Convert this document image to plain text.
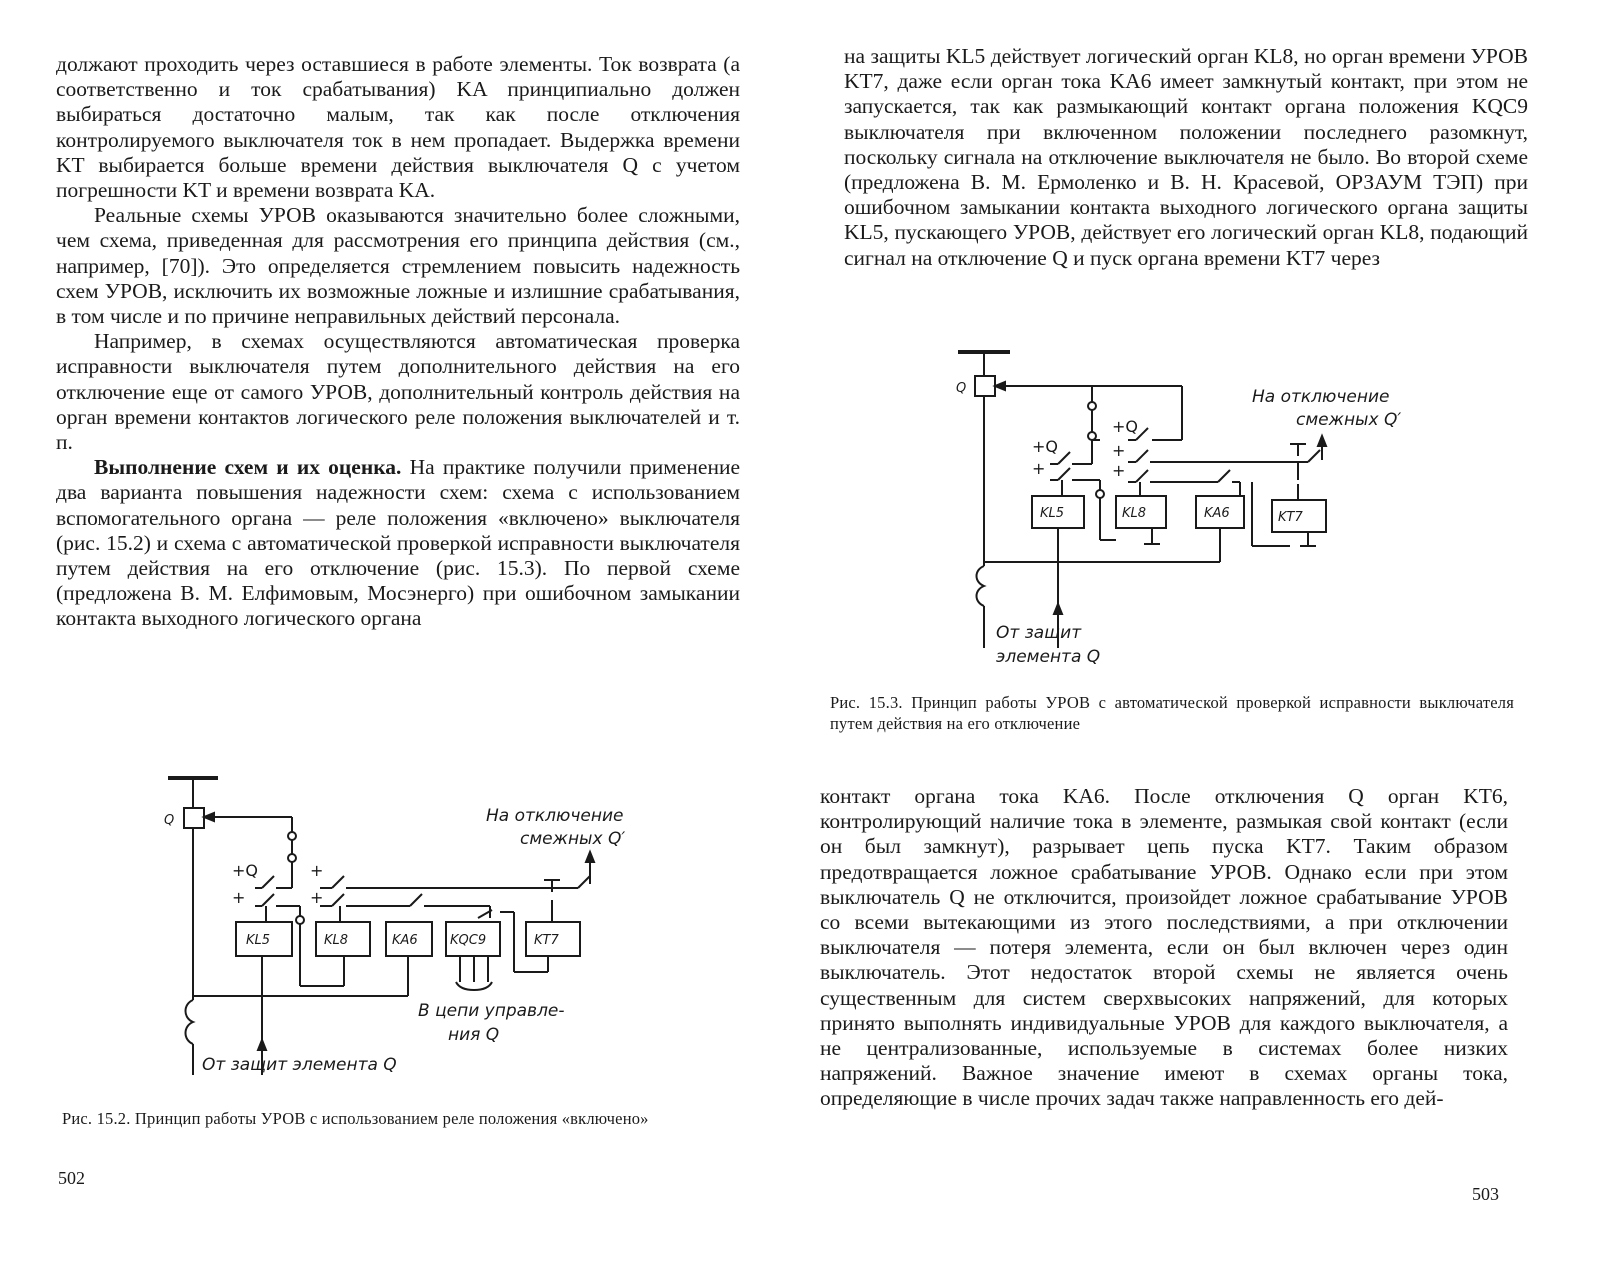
должают проходить через оставшиеся в работе элементы. Ток возврата (а соответственно и ток срабатывания) KA принципиально должен выбираться достаточно малым, так как после отключения контролируемого выключателя ток в нем пропадает. Выдержка времени KT выбирается больше времени действия выключателя Q с учетом погрешности KT и времени возврата KA.

Реальные схемы УРОВ оказываются значительно более сложными, чем схема, приведенная для рассмотрения его принципа действия (см., например, [70]). Это определяется стремлением повысить надежность схем УРОВ, исключить их возможные ложные и излишние срабатывания, в том числе и по причине неправильных действий персонала.

Например, в схемах осуществляются автоматическая проверка исправности выключателя путем дополнительного действия на его отключение еще от самого УРОВ, дополнительный контроль действия на орган времени контактов логического реле положения выключателей и т. п.

Выполнение схем и их оценка. На практике получили применение два варианта повышения надежности схем: схема с использованием вспомогательного органа — реле положения «включено» выключателя (рис. 15.2) и схема с автоматической проверкой исправности выключателя путем действия на его отключение (рис. 15.3). По первой схеме (предложена В. М. Елфимовым, Мосэнерго) при ошибочном замыкании контакта выходного логического органа

Q
+Q
+
KL5
+
+
KL8	KA6 KQC9	KT7
На отключение
смежных Q′
В цепи управле-
ния Q
От защит элемента Q
Рис. 15.2. Принцип работы УРОВ с использованием реле положения «включено»
502

на защиты KL5 действует логический орган KL8, но орган времени УРОВ KT7, даже если орган тока KA6 имеет замкнутый контакт, при этом не запускается, так как размыкающий контакт органа положения KQC9 выключателя при включенном положении последнего разомкнут, поскольку сигнала на отключение выключателя не было. Во второй схеме (предложена В. М. Ермоленко и В. Н. Красевой, ОРЗАУМ ТЭП) при ошибочном замыкании контакта выходного логического органа защиты KL5, пускающего УРОВ, действует его логический орган KL8, подающий сигнал на отключение Q и пуск органа времени KT7 через

Q
+Q
+
KL5
+Q
+
+
KL8	KA6	KT7
На отключение
смежных Q′
От защит
элемента Q
Рис. 15.3. Принцип работы УРОВ с автоматической проверкой исправности выключателя путем действия на его отключение

контакт органа тока KA6. После отключения Q орган KT6, контролирующий наличие тока в элементе, размыкая свой контакт (если он был замкнут), разрывает цепь пуска KT7. Таким образом предотвращается ложное срабатывание УРОВ. Однако если при этом выключатель Q не отключится, произойдет ложное срабатывание УРОВ со всеми вытекающими из этого последствиями, а при отключении выключателя — потеря элемента, если он был включен через один выключатель. Этот недостаток второй схемы не является очень существенным для систем сверхвысоких напряжений, для которых принято выполнять индивидуальные УРОВ для каждого выключателя, а не централизованные, используемые в системах более низких напряжений. Важное значение имеют в схемах органы тока, определяющие в числе прочих задач также направленность его дей-

503
